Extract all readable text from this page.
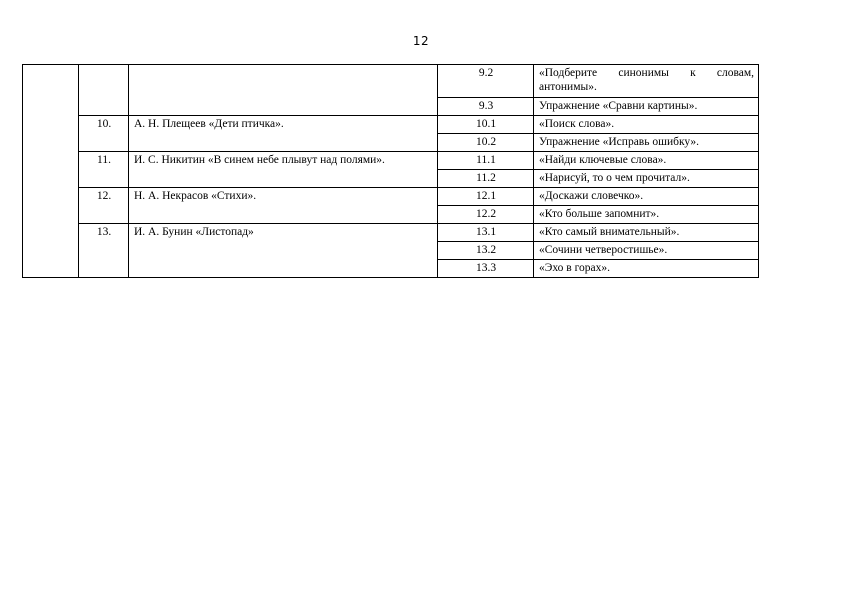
12
			9.2	«Подберите синонимы к словам, антонимы».
			9.3	Упражнение «Сравни картины».
	10.	А. Н. Плещеев «Дети птичка».	10.1	«Поиск слова».
			10.2	Упражнение «Исправь ошибку».
	11.	И. С. Никитин «В синем небе плывут над полями».	11.1	«Найди ключевые слова».
			11.2	«Нарисуй, то о чем прочитал».
	12.	Н. А. Некрасов «Стихи».	12.1	«Доскажи словечко».
			12.2	«Кто больше запомнит».
	13.	И. А. Бунин «Листопад»	13.1	«Кто самый внимательный».
			13.2	«Сочини четверостишье».
			13.3	«Эхо в горах».
